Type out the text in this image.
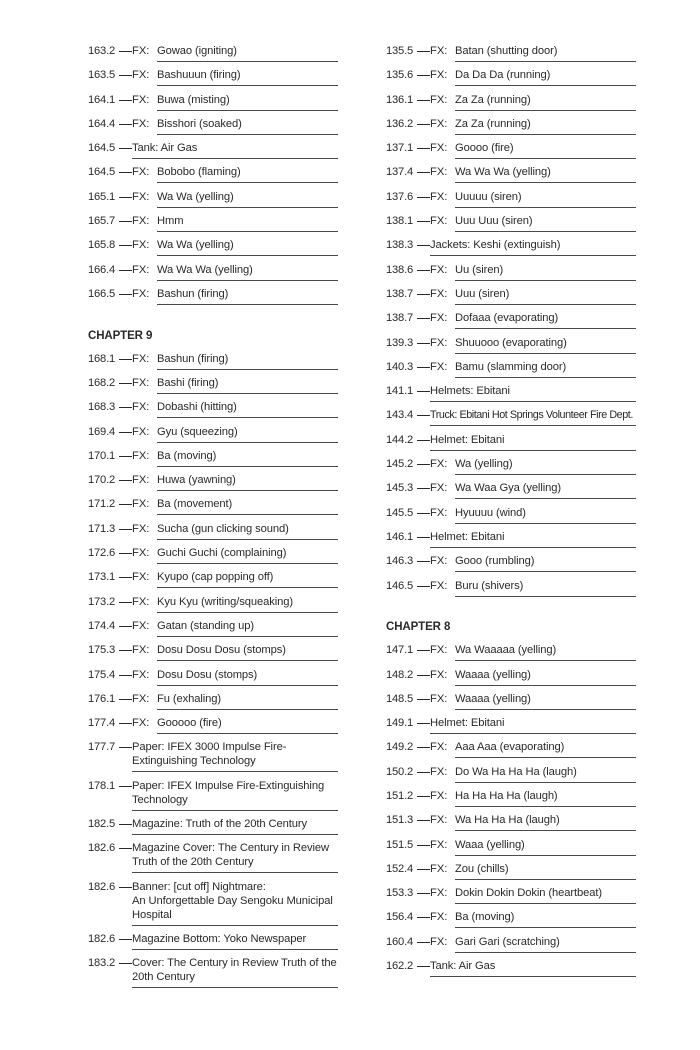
163.2 FX: Gowao (igniting)
163.5 FX: Bashuuun (firing)
164.1 FX: Buwa (misting)
164.4 FX: Bisshori (soaked)
164.5 Tank: Air Gas
164.5 FX: Bobobo (flaming)
165.1 FX: Wa Wa (yelling)
165.7 FX: Hmm
165.8 FX: Wa Wa (yelling)
166.4 FX: Wa Wa Wa (yelling)
166.5 FX: Bashun (firing)
CHAPTER 9
168.1 FX: Bashun (firing)
168.2 FX: Bashi (firing)
168.3 FX: Dobashi (hitting)
169.4 FX: Gyu (squeezing)
170.1 FX: Ba (moving)
170.2 FX: Huwa (yawning)
171.2 FX: Ba (movement)
171.3 FX: Sucha (gun clicking sound)
172.6 FX: Guchi Guchi (complaining)
173.1 FX: Kyupo (cap popping off)
173.2 FX: Kyu Kyu (writing/squeaking)
174.4 FX: Gatan (standing up)
175.3 FX: Dosu Dosu Dosu (stomps)
175.4 FX: Dosu Dosu (stomps)
176.1 FX: Fu (exhaling)
177.4 FX: Gooooo (fire)
177.7 Paper: IFEX 3000 Impulse Fire-Extinguishing Technology
178.1 Paper: IFEX Impulse Fire-Extinguishing Technology
182.5 Magazine: Truth of the 20th Century
182.6 Magazine Cover: The Century in Review Truth of the 20th Century
182.6 Banner: [cut off] Nightmare:
An Unforgettable Day Sengoku Municipal Hospital
182.6 Magazine Bottom: Yoko Newspaper
183.2 Cover: The Century in Review Truth of the 20th Century
135.5 FX: Batan (shutting door)
135.6 FX: Da Da Da (running)
136.1 FX: Za Za (running)
136.2 FX: Za Za (running)
137.1 FX: Goooo (fire)
137.4 FX: Wa Wa Wa (yelling)
137.6 FX: Uuuuu (siren)
138.1 FX: Uuu Uuu (siren)
138.3 Jackets: Keshi (extinguish)
138.6 FX: Uu (siren)
138.7 FX: Uuu (siren)
138.7 FX: Dofaaa (evaporating)
139.3 FX: Shuuooo (evaporating)
140.3 FX: Bamu (slamming door)
141.1 Helmets: Ebitani
143.4 Truck: Ebitani Hot Springs Volunteer Fire Dept.
144.2 Helmet: Ebitani
145.2 FX: Wa (yelling)
145.3 FX: Wa Waa Gya (yelling)
145.5 FX: Hyuuuu (wind)
146.1 Helmet: Ebitani
146.3 FX: Gooo (rumbling)
146.5 FX: Buru (shivers)
CHAPTER 8
147.1 FX: Wa Waaaaa (yelling)
148.2 FX: Waaaa (yelling)
148.5 FX: Waaaa (yelling)
149.1 Helmet: Ebitani
149.2 FX: Aaa Aaa (evaporating)
150.2 FX: Do Wa Ha Ha Ha (laugh)
151.2 FX: Ha Ha Ha Ha (laugh)
151.3 FX: Wa Ha Ha Ha (laugh)
151.5 FX: Waaa (yelling)
152.4 FX: Zou (chills)
153.3 FX: Dokin Dokin Dokin (heartbeat)
156.4 FX: Ba (moving)
160.4 FX: Gari Gari (scratching)
162.2 Tank: Air Gas
